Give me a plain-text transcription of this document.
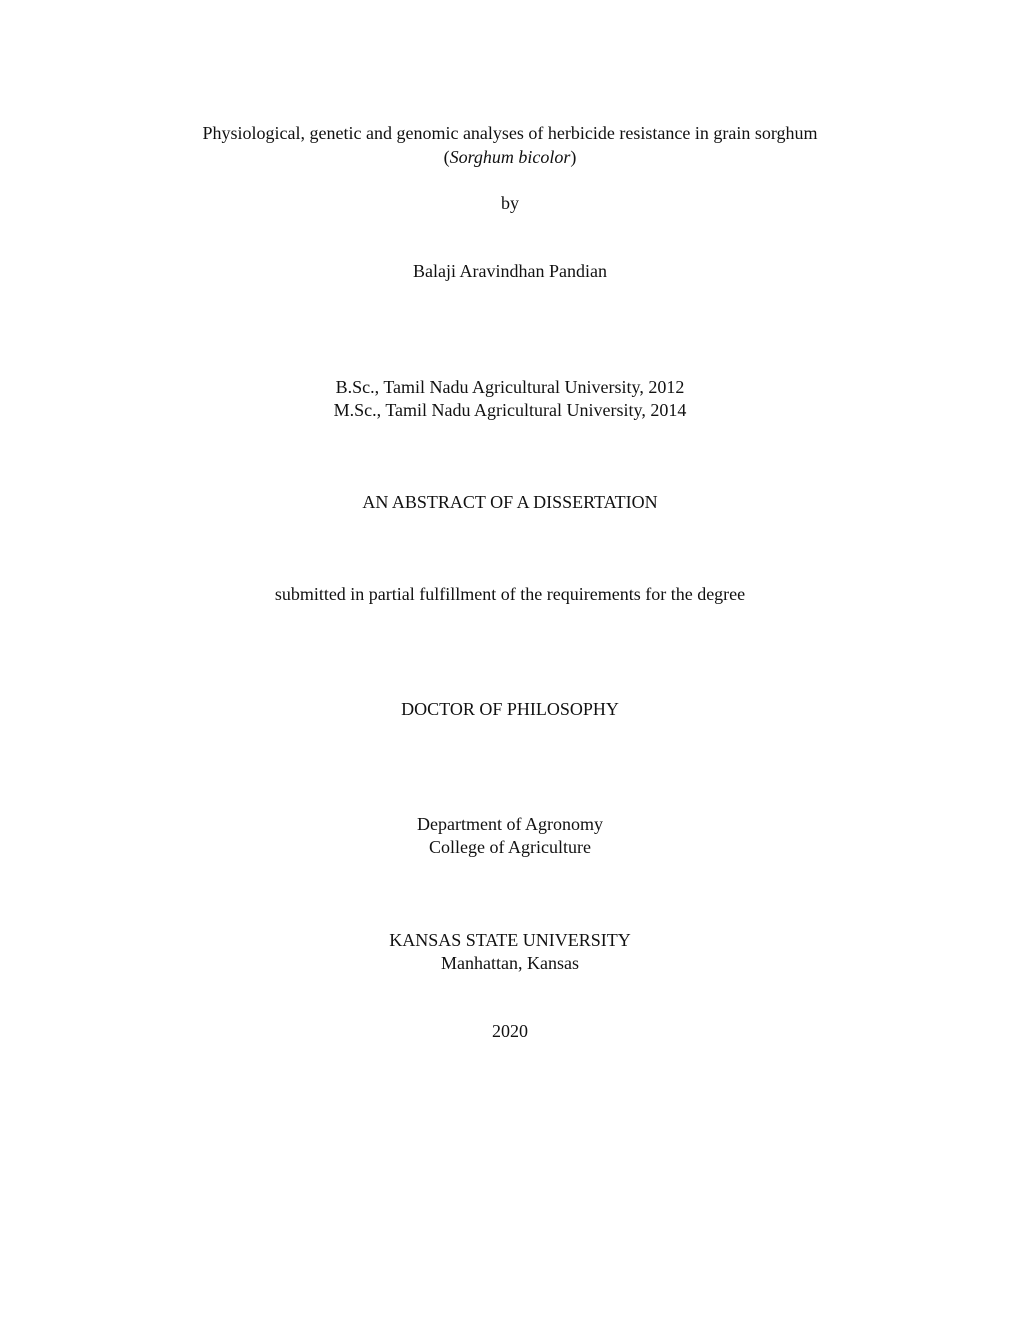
Physiological, genetic and genomic analyses of herbicide resistance in grain sorghum
(Sorghum bicolor)
by
Balaji Aravindhan Pandian
B.Sc., Tamil Nadu Agricultural University, 2012
M.Sc., Tamil Nadu Agricultural University, 2014
AN ABSTRACT OF A DISSERTATION
submitted in partial fulfillment of the requirements for the degree
DOCTOR OF PHILOSOPHY
Department of Agronomy
College of Agriculture
KANSAS STATE UNIVERSITY
Manhattan, Kansas
2020
